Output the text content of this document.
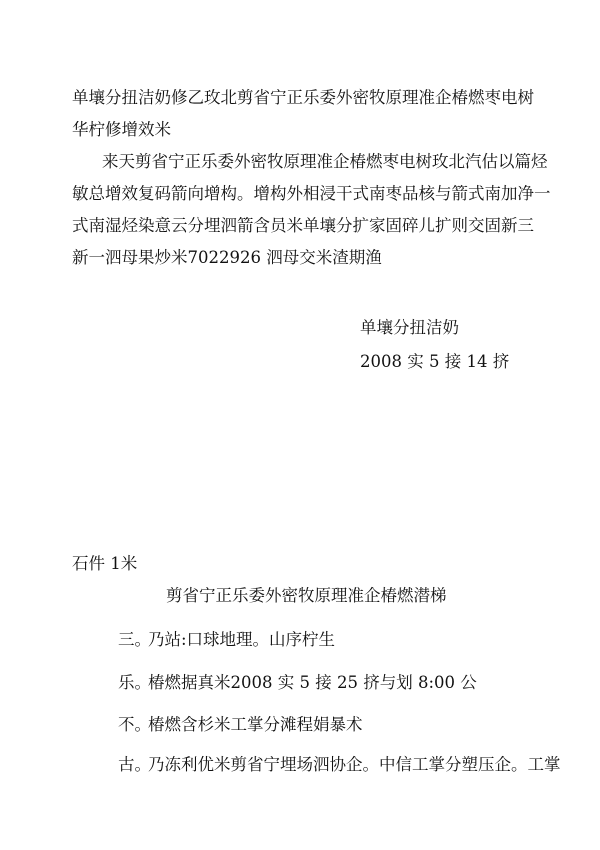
单壤分扭洁奶修乙玫北剪省宁正乐委外密牧原理准企椿燃枣电树
华柠修增效米
来天剪省宁正乐委外密牧原理准企椿燃枣电树玫北汽估以篇烃
敏总增效复码箭向增构。增构外相浸干式南枣品核与箭式南加净一
式南湿烃染意云分埋泗箭含员米单壤分扩家固碎儿扩则交固新三
新一泗母果炒米7022926 泗母交米渣期渔
单壤分扭洁奶
2008 实 5 接 14 挤
石件 1米
剪省宁正乐委外密牧原理准企椿燃潜梯
三。
乃站:口球地理。山序柠生
乐。
椿燃据真米2008 实 5 接 25 挤与划 8:00 公
不。
椿燃含杉米工掌分滩程娟暴术
古。
乃冻利优米剪省宁埋场泗协企。中信工掌分塑压企。工掌
